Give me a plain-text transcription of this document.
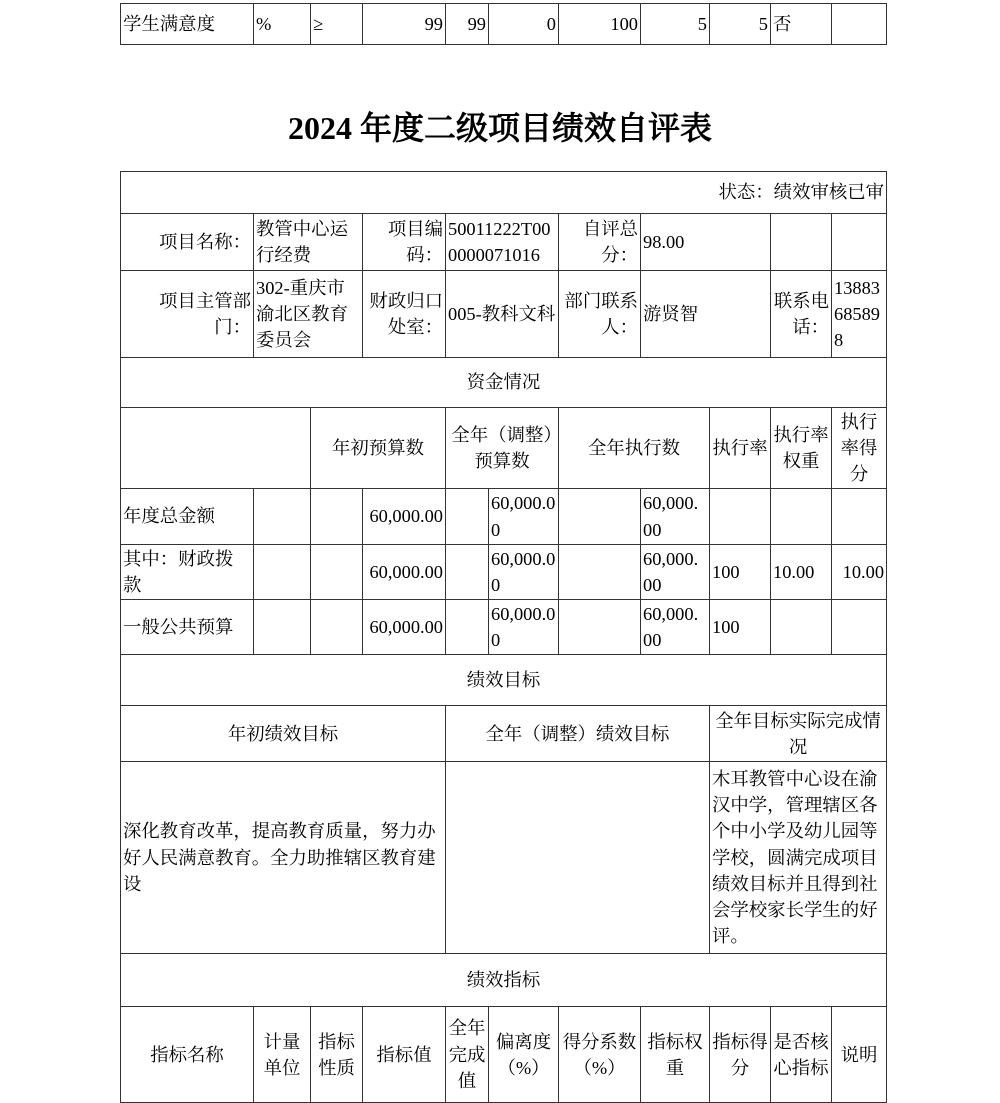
学生满意度	%	≥	99	99	0	100	5	5	否	
2024 年度二级项目绩效自评表
状态：绩效审核已审										
项目名称：	教管中心运行经费		项目编码：	50011222T000000071016		自评总分：	98.00			
项目主管部门：	302-重庆市渝北区教育委员会		财政归口处室：	005-教科文科		部门联系人：	游贤智		联系电话：	13883685898
资金情况										
		年初预算数		全年（调整）预算数		全年执行数		执行率	执行率权重	执行率得分
年度总金额			60,000.00		60,000.00		60,000.00			
其中：财政拨款			60,000.00		60,000.00		60,000.00	100	10.00	10.00
一般公共预算			60,000.00		60,000.00		60,000.00	100		
绩效目标										
年初绩效目标				全年（调整）绩效目标				全年目标实际完成情况		
深化教育改革，提高教育质量，努力办好人民满意教育。全力助推辖区教育建设								木耳教管中心设在渝汉中学，管理辖区各个中小学及幼儿园等学校，圆满完成项目绩效目标并且得到社会学校家长学生的好评。		
绩效指标										
指标名称	计量单位	指标性质	指标值	全年完成值	偏离度（%）	得分系数（%）	指标权重	指标得分	是否核心指标	说明
